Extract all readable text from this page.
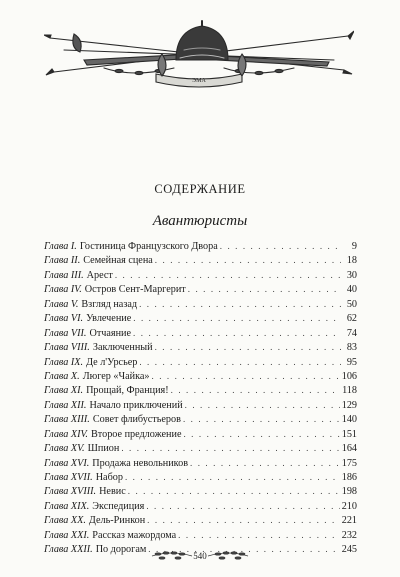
ЭМА
СОДЕРЖАНИЕ
Авантюристы
Глава I. Гостиница Французского Двора . . .	9
Глава II. Семейная сцена . . .	18
Глава III. Арест . . .	30
Глава IV. Остров Сент-Маргерит . . .	40
Глава V. Взгляд назад . . .	50
Глава VI. Увлечение . . .	62
Глава VII. Отчаяние . . .	74
Глава VIII. Заключенный . . .	83
Глава IX. Де л'Урсьер . . .	95
Глава X. Люгер «Чайка» . . .	106
Глава XI. Прощай, Франция! . . .	118
Глава XII. Начало приключений . . .	129
Глава XIII. Совет флибустьеров . . .	140
Глава XIV. Второе предложение . . .	151
Глава XV. Шпион . . .	164
Глава XVI. Продажа невольников . . .	175
Глава XVII. Набор . . .	186
Глава XVIII. Невис . . .	198
Глава XIX. Экспедиция . . .	210
Глава XX. Дель-Ринкон . . .	221
Глава XXI. Рассказ мажордома . . .	232
Глава XXII. По дорогам . . .	245
540
